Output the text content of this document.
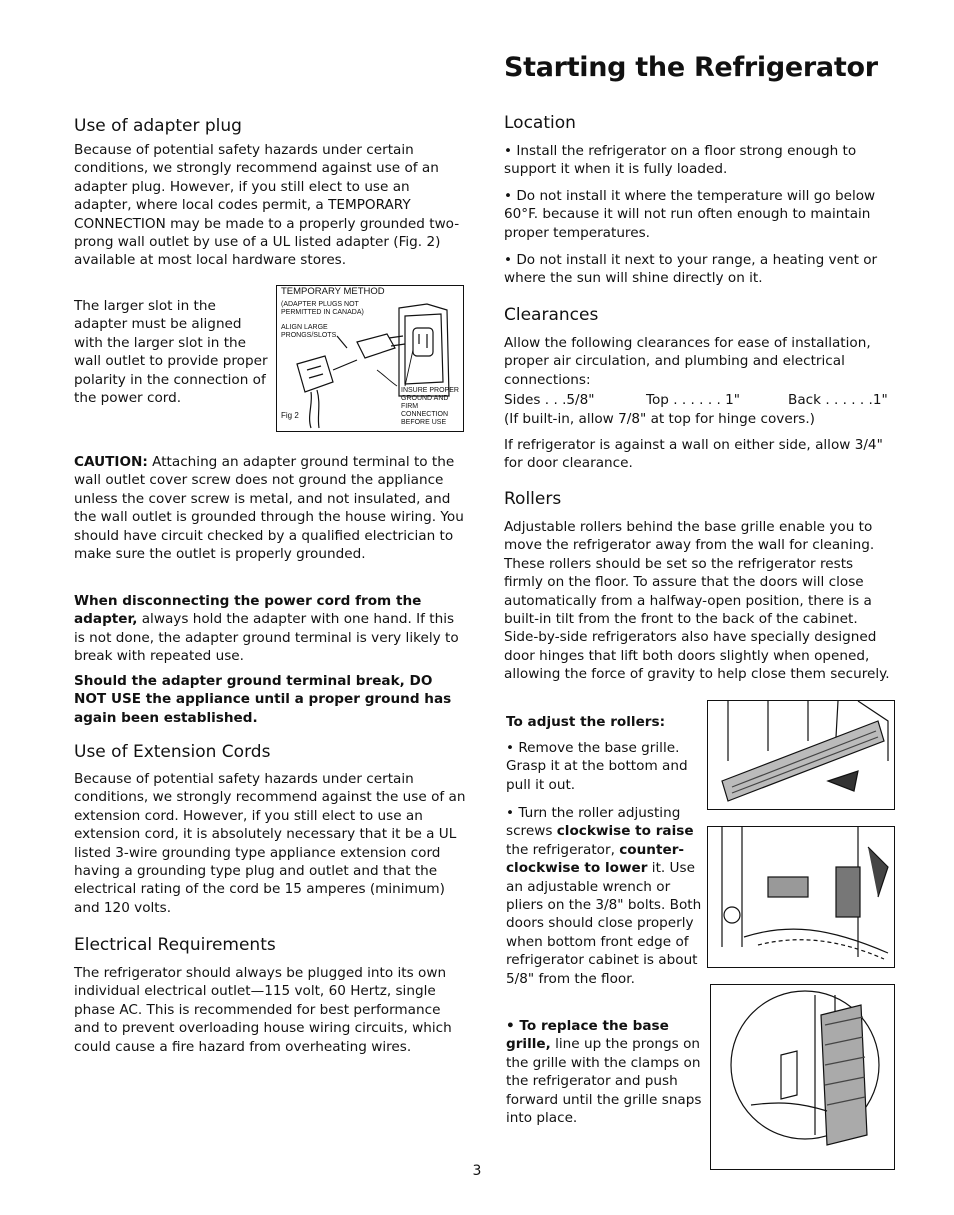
Starting the Refrigerator
Use of adapter plug

Because of potential safety hazards under certain conditions, we strongly recommend against use of an adapter plug. However, if you still elect to use an adapter, where local codes permit, a TEMPORARY CONNECTION may be made to a properly grounded two-prong wall outlet by use of a UL listed adapter (Fig. 2) available at most local hardware stores.

The larger slot in the adapter must be aligned with the larger slot in the wall outlet to provide proper polarity in the connection of the power cord.

TEMPORARY METHOD
(ADAPTER PLUGS NOT PERMITTED IN CANADA)
ALIGN LARGE PRONGS/SLOTS
INSURE PROPER GROUND AND FIRM CONNECTION BEFORE USE
Fig 2

CAUTION: Attaching an adapter ground terminal to the wall outlet cover screw does not ground the appliance unless the cover screw is metal, and not insulated, and the wall outlet is grounded through the house wiring. You should have circuit checked by a qualified electrician to make sure the outlet is properly grounded.

When disconnecting the power cord from the adapter, always hold the adapter with one hand. If this is not done, the adapter ground terminal is very likely to break with repeated use.

Should the adapter ground terminal break, DO NOT USE the appliance until a proper ground has again been established.

Use of Extension Cords

Because of potential safety hazards under certain conditions, we strongly recommend against the use of an extension cord. However, if you still elect to use an extension cord, it is absolutely necessary that it be a UL listed 3-wire grounding type appliance extension cord having a grounding type plug and outlet and that the electrical rating of the cord be 15 amperes (minimum) and 120 volts.

Electrical Requirements

The refrigerator should always be plugged into its own individual electrical outlet—115 volt, 60 Hertz, single phase AC. This is recommended for best performance and to prevent overloading house wiring circuits, which could cause a fire hazard from overheating wires.

Location

• Install the refrigerator on a floor strong enough to support it when it is fully loaded.

• Do not install it where the temperature will go below 60°F. because it will not run often enough to maintain proper temperatures.

• Do not install it next to your range, a heating vent or where the sun will shine directly on it.

Clearances

Allow the following clearances for ease of installation, proper air circulation, and plumbing and electrical connections:

Sides . . .5/8"	Top . . . . . . 1"	Back . . . . . .1"

(If built-in, allow 7/8" at top for hinge covers.)

If refrigerator is against a wall on either side, allow 3/4" for door clearance.

Rollers

Adjustable rollers behind the base grille enable you to move the refrigerator away from the wall for cleaning. These rollers should be set so the refrigerator rests firmly on the floor. To assure that the doors will close automatically from a halfway-open position, there is a built-in tilt from the front to the back of the cabinet. Side-by-side refrigerators also have specially designed door hinges that lift both doors slightly when opened, allowing the force of gravity to help close them securely.

To adjust the rollers:

• Remove the base grille. Grasp it at the bottom and pull it out.

• Turn the roller adjusting screws clockwise to raise the refrigerator, counter-clockwise to lower it. Use an adjustable wrench or pliers on the 3/8" bolts. Both doors should close properly when bottom front edge of refrigerator cabinet is about 5/8" from the floor.

• To replace the base grille, line up the prongs on the grille with the clamps on the refrigerator and push forward until the grille snaps into place.

3
